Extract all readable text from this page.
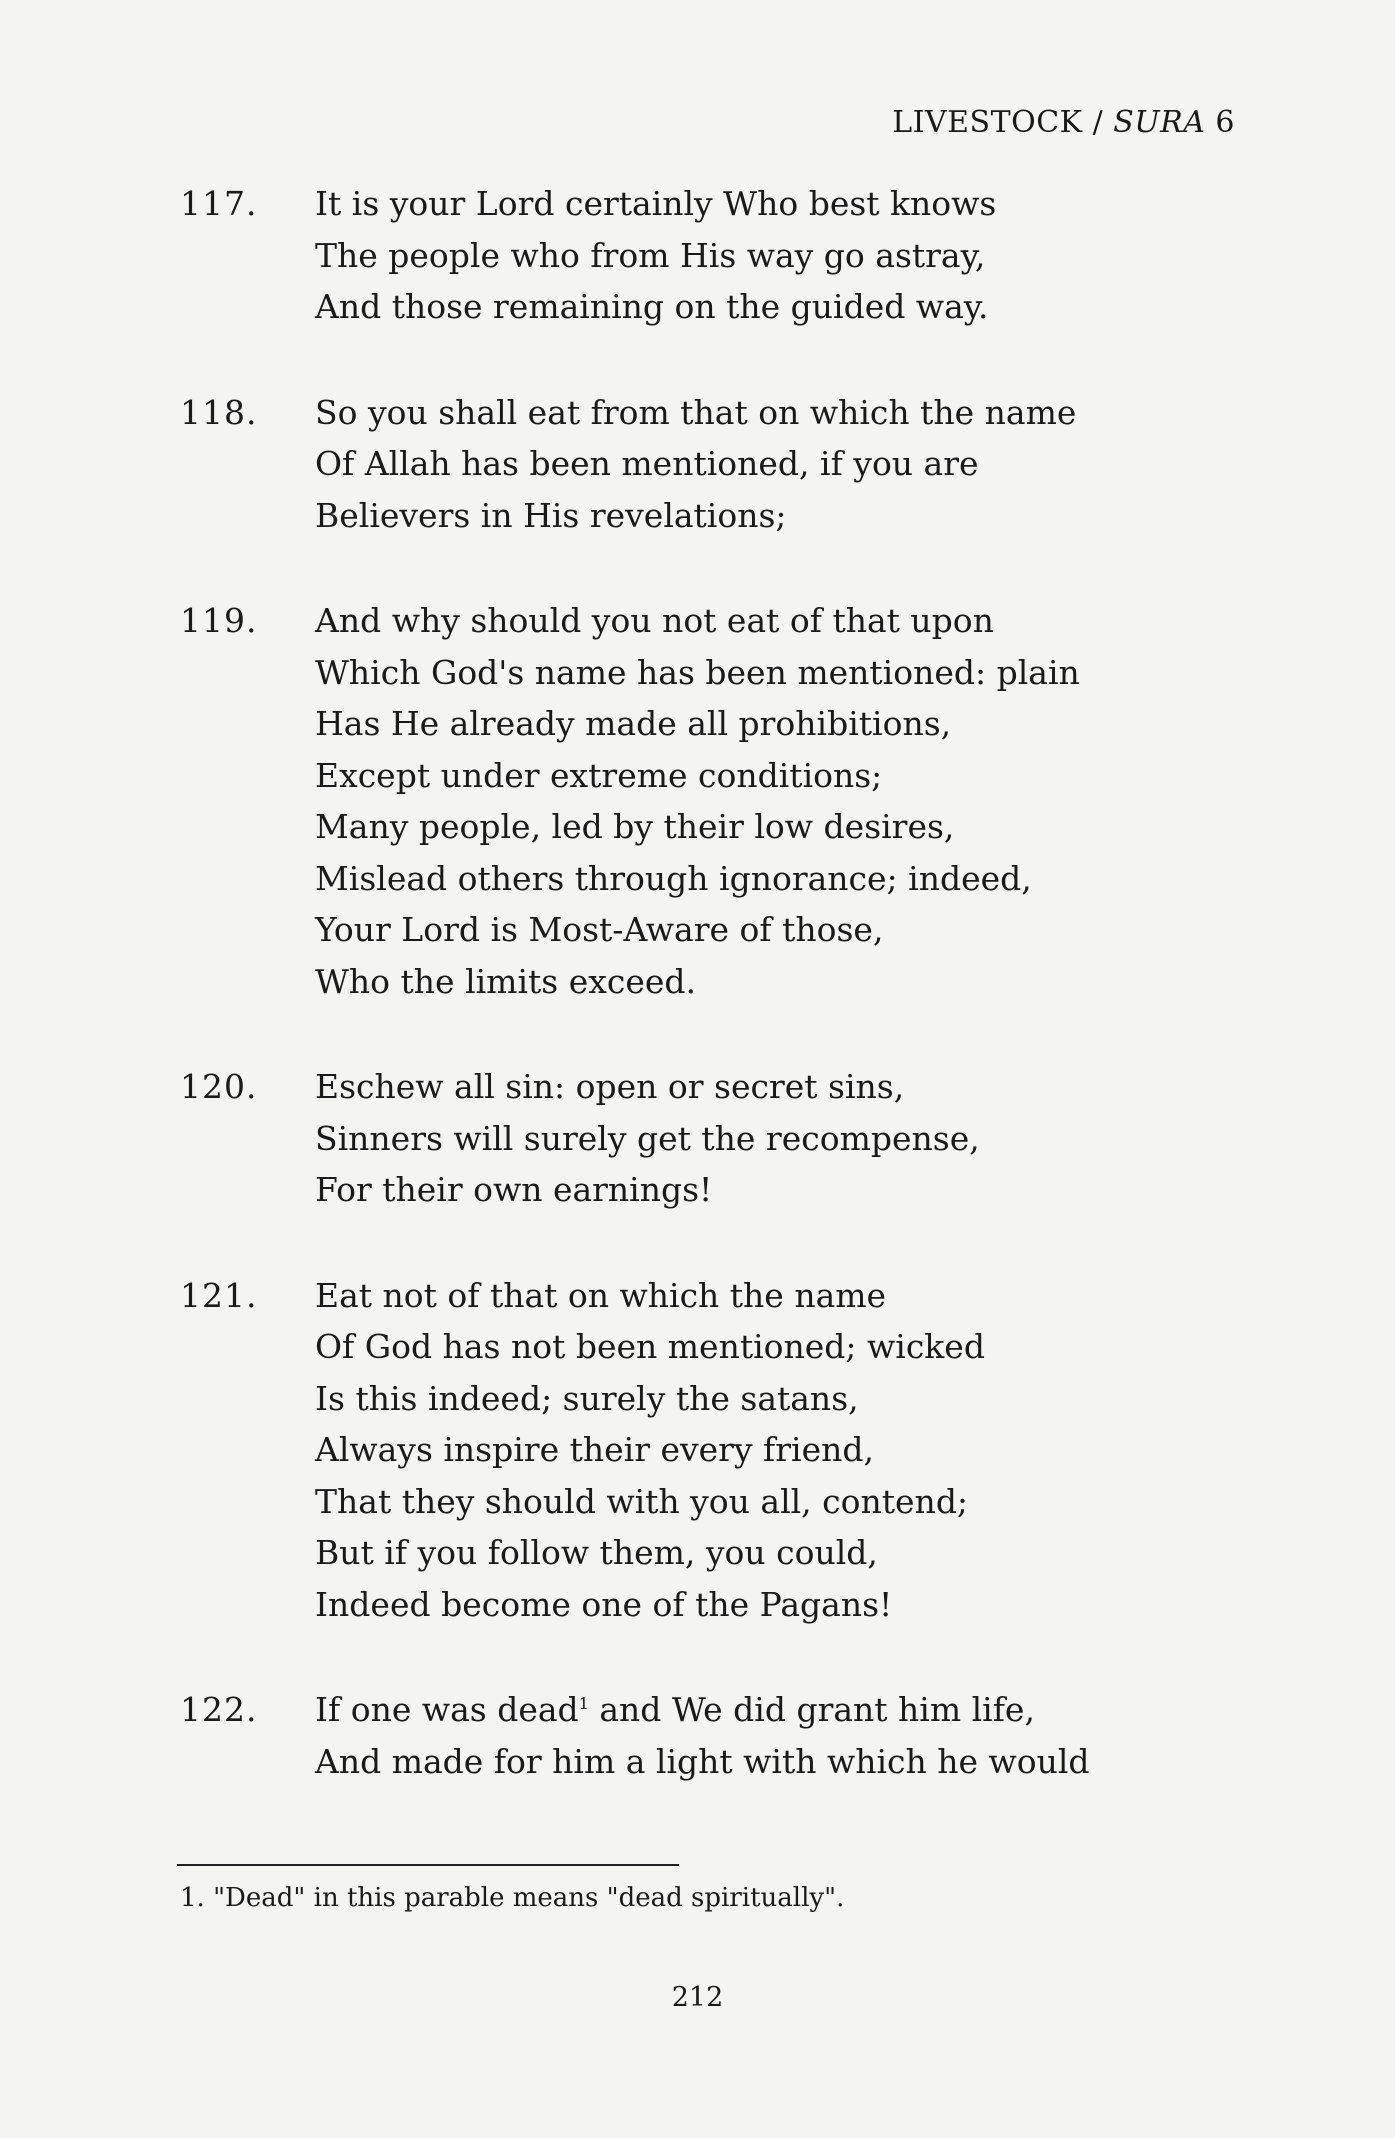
LIVESTOCK / SURA 6
117.	It is your Lord certainly Who best knows
The people who from His way go astray,
And those remaining on the guided way.
118.	So you shall eat from that on which the name
Of Allah has been mentioned, if you are
Believers in His revelations;
119.	And why should you not eat of that upon
Which God's name has been mentioned: plain
Has He already made all prohibitions,
Except under extreme conditions;
Many people, led by their low desires,
Mislead others through ignorance; indeed,
Your Lord is Most-Aware of those,
Who the limits exceed.
120.	Eschew all sin: open or secret sins,
Sinners will surely get the recompense,
For their own earnings!
121.	Eat not of that on which the name
Of God has not been mentioned; wicked
Is this indeed; surely the satans,
Always inspire their every friend,
That they should with you all, contend;
But if you follow them, you could,
Indeed become one of the Pagans!
122.	If one was dead$^1$ and We did grant him life,
And made for him a light with which he would
1. "Dead" in this parable means "dead spiritually".
212
